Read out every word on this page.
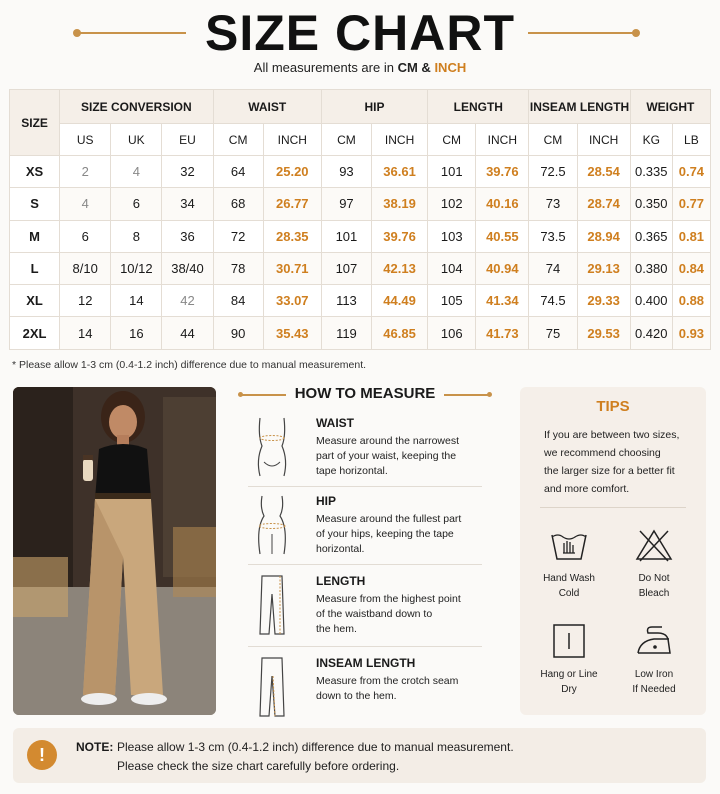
SIZE CHART
All measurements are in CM & INCH
SIZE	SIZE CONVERSION			WAIST		HIP		LENGTH		INSEAM LENGTH		WEIGHT	
	US	UK	EU	CM	INCH	CM	INCH	CM	INCH	CM	INCH	KG	LB
XS	2	4	32	64	25.20	93	36.61	101	39.76	72.5	28.54	0.335	0.74
S	4	6	34	68	26.77	97	38.19	102	40.16	73	28.74	0.350	0.77
M	6	8	36	72	28.35	101	39.76	103	40.55	73.5	28.94	0.365	0.81
L	8/10	10/12	38/40	78	30.71	107	42.13	104	40.94	74	29.13	0.380	0.84
XL	12	14	42	84	33.07	113	44.49	105	41.34	74.5	29.33	0.400	0.88
2XL	14	16	44	90	35.43	119	46.85	106	41.73	75	29.53	0.420	0.93
* Please allow 1-3 cm (0.4-1.2 inch) difference due to manual measurement.
HOW TO MEASURE
WAIST
Measure around the narrowest
part of your waist, keeping the
tape horizontal.
HIP
Measure around the fullest part
of your hips, keeping the tape
horizontal.
LENGTH
Measure from the highest point
of the waistband down to
the hem.
INSEAM LENGTH
Measure from the crotch seam
down to the hem.
TIPS
If you are between two sizes,
we recommend choosing
the larger size for a better fit
and more comfort.
Hand Wash
Cold
Do Not
Bleach
Hang or Line
Dry
Low Iron
If Needed
!	NOTE: Please allow 1-3 cm (0.4-1.2 inch) difference due to manual measurement.
Please check the size chart carefully before ordering.
